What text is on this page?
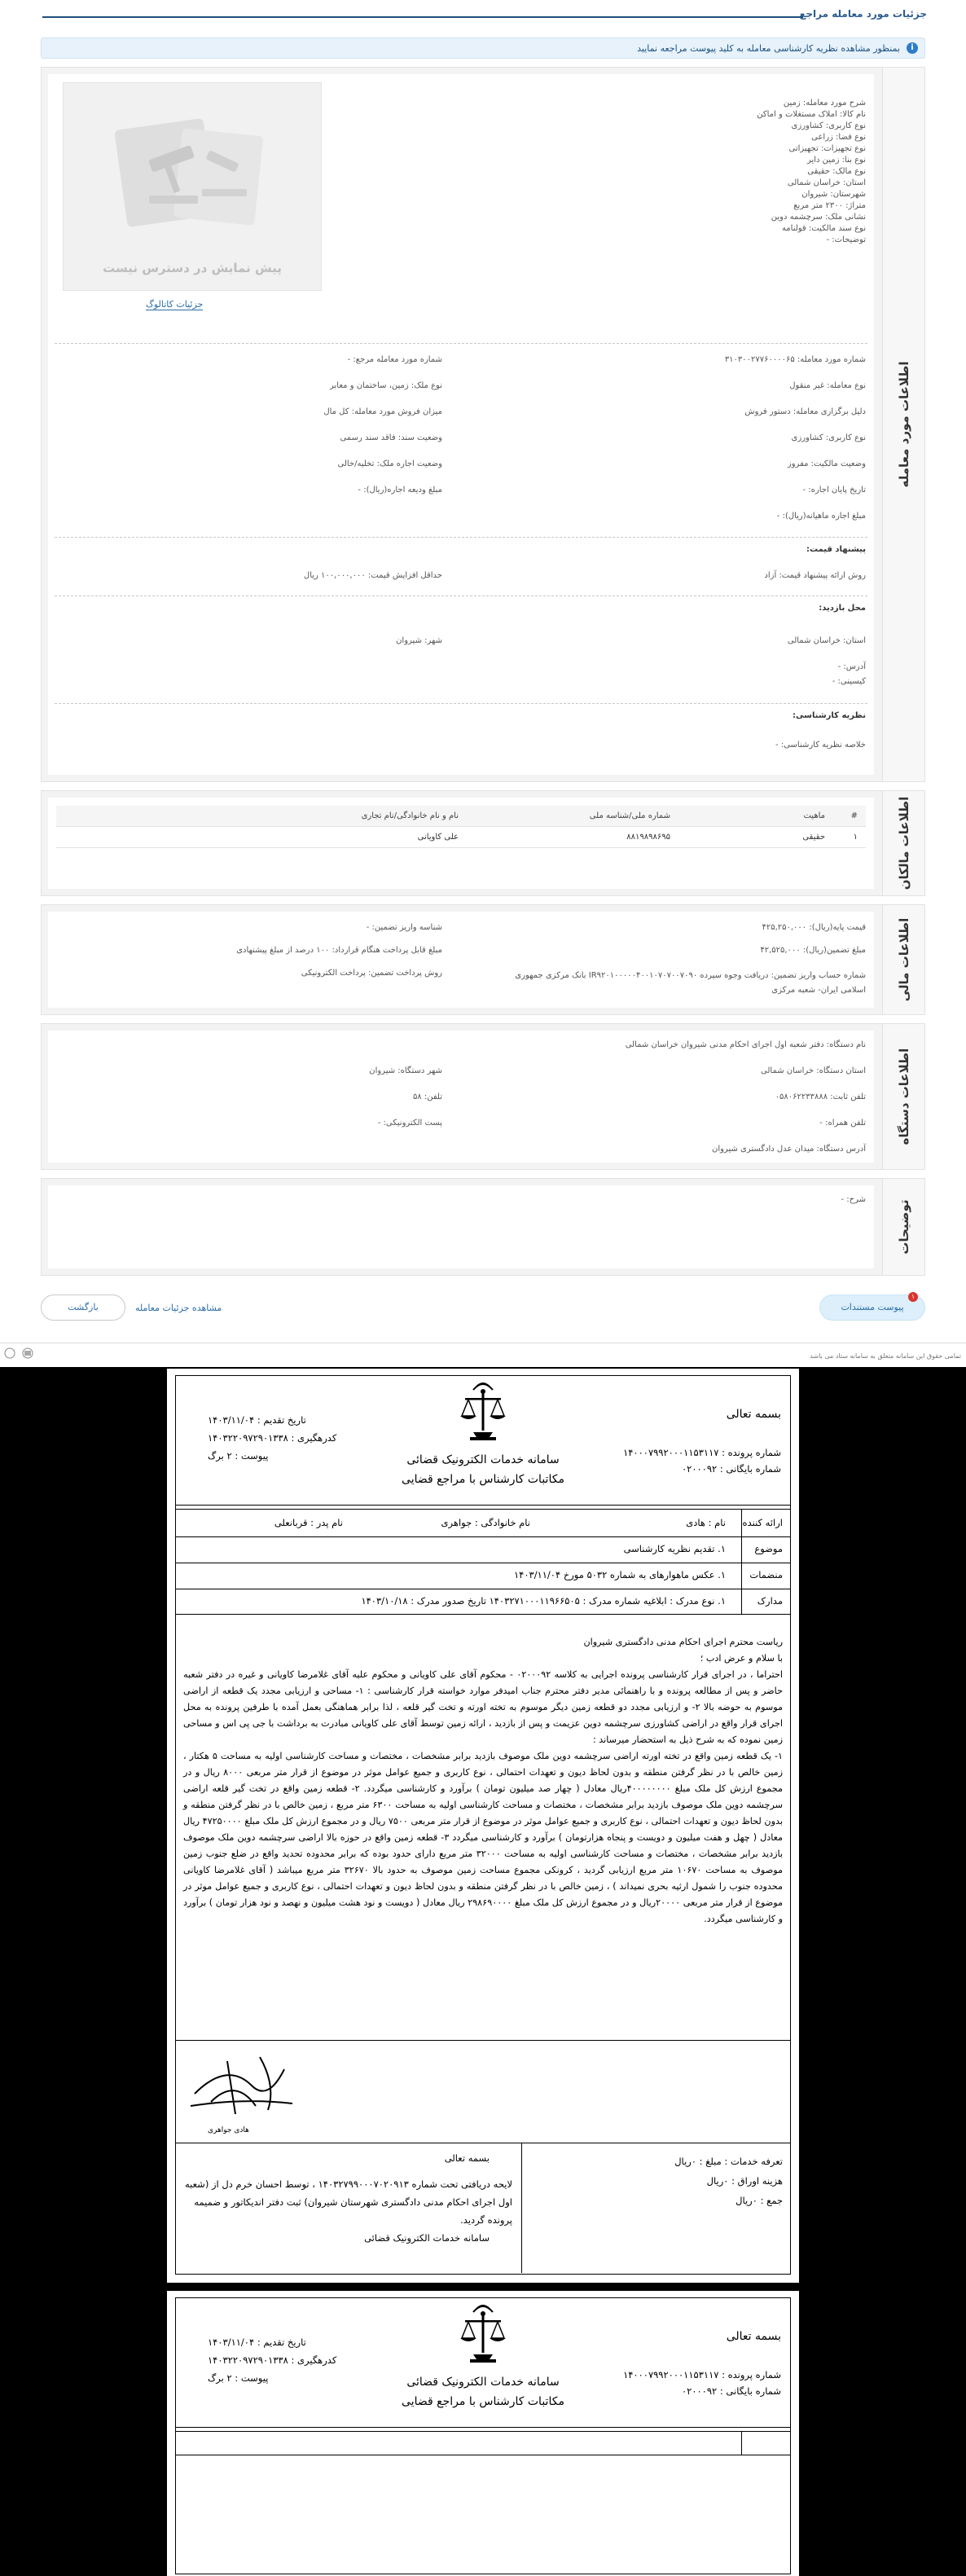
جزئیات مورد معامله مراجع
i
بمنظور مشاهده نظریه کارشناسی معامله به کلید پیوست مراجعه نمایید
اطلاعات مورد معامله
پیش نمایش در دسترس نیست
جزئیات کاتالوگ
شرح مورد معامله: زمین
نام کالا: املاک مستغلات و اماکن
نوع کاربری: کشاورزی
نوع فضا: زراعی
نوع تجهیزات: تجهیزاتی
نوع بنا: زمین دایر
نوع مالک: حقیقی
استان: خراسان شمالی
شهرستان: شیروان
متراژ: ۲۳۰۰ متر مربع
نشانی ملک: سرچشمه دوین
نوع سند مالکیت: قولنامه
توضیحات: -
شماره مورد معامله: ۳۱۰۳۰۰۲۷۷۶۰۰۰۰۶۵
شماره مورد معامله مرجع: -
نوع معامله: غیر منقول
نوع ملک: زمین، ساختمان و معابر
دلیل برگزاری معامله: دستور فروش
میزان فروش مورد معامله: کل مال
نوع کاربری: کشاورزی
وضعیت سند: فاقد سند رسمی
وضعیت مالکیت: مفروز
وضعیت اجاره ملک: تخلیه/خالی
تاریخ پایان اجاره: -
مبلغ ودیعه اجاره(ریال): -
مبلغ اجاره ماهیانه(ریال): -
پیشنهاد قیمت:
روش ارائه پیشنهاد قیمت: آزاد
حداقل افزایش قیمت: ۱۰۰,۰۰۰,۰۰۰ ریال
محل بازدید:
استان: خراسان شمالی
شهر: شیروان
آدرس: -
کیسینی: -
نظریه کارشناسی:
خلاصه نظریه کارشناسی: -
اطلاعات مالکان
#	ماهیت	شماره ملی/شناسه ملی	نام و نام خانوادگی/نام تجاری
۱	حقیقی	۸۸۱۹۸۹۸۶۹۵	علی کاویانی
اطلاعات مالی
قیمت پایه(ریال): ۴۲۵,۲۵۰,۰۰۰
شناسه واریز تضمین: -
مبلغ تضمین(ریال): ۴۲,۵۲۵,۰۰۰
مبلغ قابل پرداخت هنگام قرارداد: ۱۰۰ درصد از مبلغ پیشنهادی
شماره حساب واریز تضمین: دریافت وجوه سپرده IR۹۲۰۱۰۰۰۰۰۴۰۰۱۰۷۰۷۰۰۷۰۹۰ بانک مرکزی جمهوری اسلامی ایران- شعبه مرکزی
روش پرداخت تضمین: پرداخت الکترونیکی
اطلاعات دستگاه
نام دستگاه: دفتر شعبه اول اجرای احکام مدنی شیروان خراسان شمالی
استان دستگاه: خراسان شمالی
شهر دستگاه: شیروان
تلفن ثابت: ۰۵۸۰۶۲۲۳۳۸۸۸
تلفن: ۵۸
تلفن همراه: -
پست الکترونیکی: -
آدرس دستگاه: میدان عدل دادگستری شیروان
توضیحات
شرح: -
۱
پیوست مستندات
مشاهده جزئیات معامله
بازگشت
تمامی حقوق این سامانه متعلق به سامانه ستاد می باشد
بسمه تعالی
شماره پرونده : ۱۴۰۰۰۷۹۹۲۰۰۰۱۱۵۳۱۱۷
شماره بایگانی : ۰۲۰۰۰۹۲
تاریخ تقدیم : ۱۴۰۳/۱۱/۰۴
کدرهگیری : ۱۴۰۳۲۲۰۹۷۲۹۰۱۳۳۸
پیوست : ۲ برگ	سامانه خدمات الکترونیک قضائی
مکاتبات کارشناس با مراجع قضایی
ارائه کننده
نام : هادی
نام خانوادگی : جواهری
نام پدر : قربانعلی
موضوع
۱. تقدیم نظریه کارشناسی
منضمات
۱. عکس ماهوارهای به شماره ۵۰۳۲ مورخ ۱۴۰۳/۱۱/۰۴
مدارک
۱. نوع مدرک : ابلاغیه شماره مدرک : ۱۴۰۳۲۷۱۰۰۰۱۱۹۶۶۵۰۵ تاریخ صدور مدرک : ۱۴۰۳/۱۰/۱۸
ریاست محترم اجرای احکام مدنی دادگستری شیروان
با سلام و عرض ادب ؛
احتراما ، در اجرای قرار کارشناسی پرونده اجرایی به کلاسه ۰۲۰۰۰۹۲ - محکوم آقای علی کاویانی و محکوم علیه آقای غلامرضا کاویانی و غیره در دفتر شعبه حاضر و پس از مطالعه پرونده و با راهنمائی مدیر دفتر محترم جناب امیدفر موارد خواسته قرار کارشناسی : ۱- مساحی و ارزیابی مجدد یک قطعه از اراضی موسوم به حوضه بالا ۲- و ارزیابی مجدد دو قطعه زمین دیگر موسوم به تخته اورته و تخت گیر قلعه ، لذا برابر هماهنگی بعمل آمده با طرفین پرونده به محل اجرای قرار واقع در اراضی کشاورزی سرچشمه دوین عزیمت و پس از بازدید ، ارائه زمین توسط آقای علی کاویانی مبادرت به برداشت با جی پی اس و مساحی زمین نموده که به شرح ذیل به استحضار میرساند :
۱- یک قطعه زمین واقع در تخته اورته اراضی سرچشمه دوین ملک موصوف بازدید برابر مشخصات ، مختصات و مساحت کارشناسی اولیه به مساحت ۵ هکتار ، زمین خالص با در نظر گرفتن منطقه و بدون لحاظ دیون و تعهدات احتمالی ، نوع کاربری و جمیع عوامل موثر در موضوع از قرار متر مربعی ۸۰۰۰ ریال و در مجموع ارزش کل ملک مبلغ ۴۰۰۰۰۰۰۰۰ریال معادل ( چهار صد میلیون تومان ) برآورد و کارشناسی میگردد. ۲- قطعه زمین واقع در تخت گیر قلعه اراضی سرچشمه دوین ملک موصوف بازدید برابر مشخصات ، مختصات و مساحت کارشناسی اولیه به مساحت ۶۳۰۰ متر مربع ، زمین خالص با در نظر گرفتن منطقه و بدون لحاظ دیون و تعهدات احتمالی ، نوع کاربری و جمیع عوامل موثر در موضوع از قرار متر مربعی ۷۵۰۰ ریال و در مجموع ارزش کل ملک مبلغ ۴۷۲۵۰۰۰۰ ریال معادل ( چهل و هفت میلیون و دویست و پنجاه هزارتومان ) برآورد و کارشناسی میگردد ۳- قطعه زمین واقع در حوزه بالا اراضی سرچشمه دوین ملک موصوف بازدید برابر مشخصات ، مختصات و مساحت کارشناسی اولیه به مساحت ۳۲۰۰۰ متر مربع دارای حدود بوده که برابر محدوده تحدید واقع در ضلع جنوب زمین موصوف به مساحت ۱۰۶۷۰ متر مربع ارزیابی گردید ، کرونکی مجموع مساحت زمین موصوف به حدود بالا ۳۲۶۷۰ متر مربع میباشد ( آقای غلامرضا کاویانی محدوده جنوب را شمول ارثیه بحری نمیداند ) ، زمین خالص با در نظر گرفتن منطقه و بدون لحاظ دیون و تعهدات احتمالی ، نوع کاربری و جمیع عوامل موثر در موضوع از قرار متر مربعی ۲۰۰۰۰ریال و در مجموع ارزش کل ملک مبلغ ۲۹۸۶۹۰۰۰۰ ریال معادل ( دویست و نود هشت میلیون و نهصد و نود هزار تومان ) برآورد و کارشناسی میگردد.
هادی جواهری
تعرفه خدمات : مبلغ : ۰ریال
هزینه اوراق : ۰ریال
جمع : ۰ریال
بسمه تعالی
لایحه دریافتی تحت شماره ۱۴۰۳۲۷۹۹۰۰۰۷۰۲۰۹۱۳ ، توسط احسان خرم دل از (شعبه اول اجرای احکام مدنی دادگستری شهرستان شیروان) ثبت دفتر اندیکاتور و ضمیمه پرونده گردید.
سامانه خدمات الکترونیک قضائی
بسمه تعالی
شماره پرونده : ۱۴۰۰۰۷۹۹۲۰۰۰۱۱۵۳۱۱۷
شماره بایگانی : ۰۲۰۰۰۹۲
تاریخ تقدیم : ۱۴۰۳/۱۱/۰۴
کدرهگیری : ۱۴۰۳۲۲۰۹۷۲۹۰۱۳۳۸
پیوست : ۲ برگ	سامانه خدمات الکترونیک قضائی
مکاتبات کارشناس با مراجع قضایی
